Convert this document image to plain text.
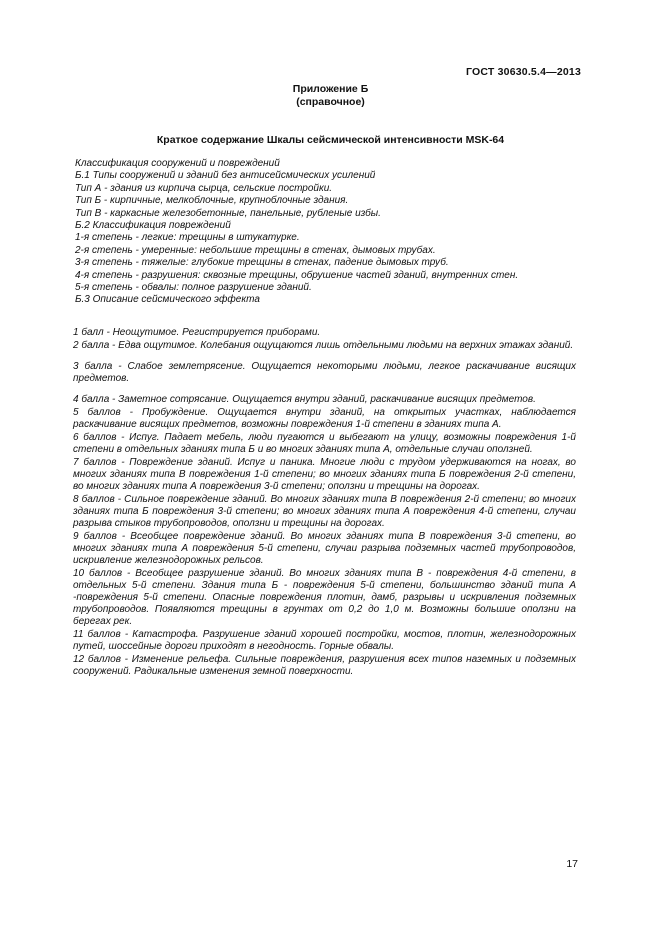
ГОСТ 30630.5.4—2013
Приложение Б
(справочное)
Краткое содержание Шкалы сейсмической интенсивности MSK-64
Классификация сооружений и повреждений
Б.1 Типы сооружений и зданий без антисейсмических усилений
Тип А - здания из кирпича сырца, сельские постройки.
Тип Б - кирпичные, мелкоблочные, крупноблочные здания.
Тип В - каркасные железобетонные, панельные, рубленые избы.
Б.2 Классификация повреждений
1-я степень - легкие: трещины в штукатурке.
2-я степень - умеренные: небольшие трещины в стенах, дымовых трубах.
3-я степень - тяжелые: глубокие трещины в стенах, падение дымовых труб.
4-я степень - разрушения: сквозные трещины, обрушение частей зданий, внутренних стен.
5-я степень - обвалы: полное разрушение зданий.
Б.3 Описание сейсмического эффекта

1 балл - Неощутимое. Регистрируется приборами.

2 балла - Едва ощутимое. Колебания ощущаются лишь отдельными людьми на верхних этажах зданий.

3 балла - Слабое землетрясение. Ощущается некоторыми людьми, легкое раскачивание висящих предметов.

4 балла - Заметное сотрясание. Ощущается внутри зданий, раскачивание висящих предметов.

5 баллов - Пробуждение. Ощущается внутри зданий, на открытых участках, наблюдается раскачивание висящих предметов, возможны повреждения 1-й степени в зданиях типа А.

6 баллов - Испуг. Падает мебель, люди пугаются и выбегают на улицу, возможны повреждения 1-й степени в отдельных зданиях типа Б и во многих зданиях типа А, отдельные случаи оползней.

7 баллов - Повреждение зданий. Испуг и паника. Многие люди с трудом удерживаются на ногах, во многих зданиях типа В повреждения 1-й степени; во многих зданиях типа Б повреждения 2-й степени, во многих зданиях типа А повреждения 3-й степени; оползни и трещины на дорогах.

8 баллов - Сильное повреждение зданий. Во многих зданиях типа В повреждения 2-й степени; во многих зданиях типа Б повреждения 3-й степени; во многих зданиях типа А повреждения 4-й степени, случаи разрыва стыков трубопроводов, оползни и трещины на дорогах.

9 баллов - Всеобщее повреждение зданий. Во многих зданиях типа В повреждения 3-й степени, во многих зданиях типа А повреждения 5-й степени, случаи разрыва подземных частей трубопроводов, искривление железнодорожных рельсов.

10 баллов - Всеобщее разрушение зданий. Во многих зданиях типа В - повреждения 4-й степени, в отдельных 5-й степени. Здания типа Б - повреждения 5-й степени, большинство зданий типа А -повреждения 5-й степени. Опасные повреждения плотин, дамб, разрывы и искривления подземных трубопроводов. Появляются трещины в грунтах от 0,2 до 1,0 м. Возможны большие оползни на берегах рек.

11 баллов - Катастрофа. Разрушение зданий хорошей постройки, мостов, плотин, железнодорожных путей, шоссейные дороги приходят в негодность. Горные обвалы.

12 баллов - Изменение рельефа. Сильные повреждения, разрушения всех типов наземных и подземных сооружений. Радикальные изменения земной поверхности.

17
